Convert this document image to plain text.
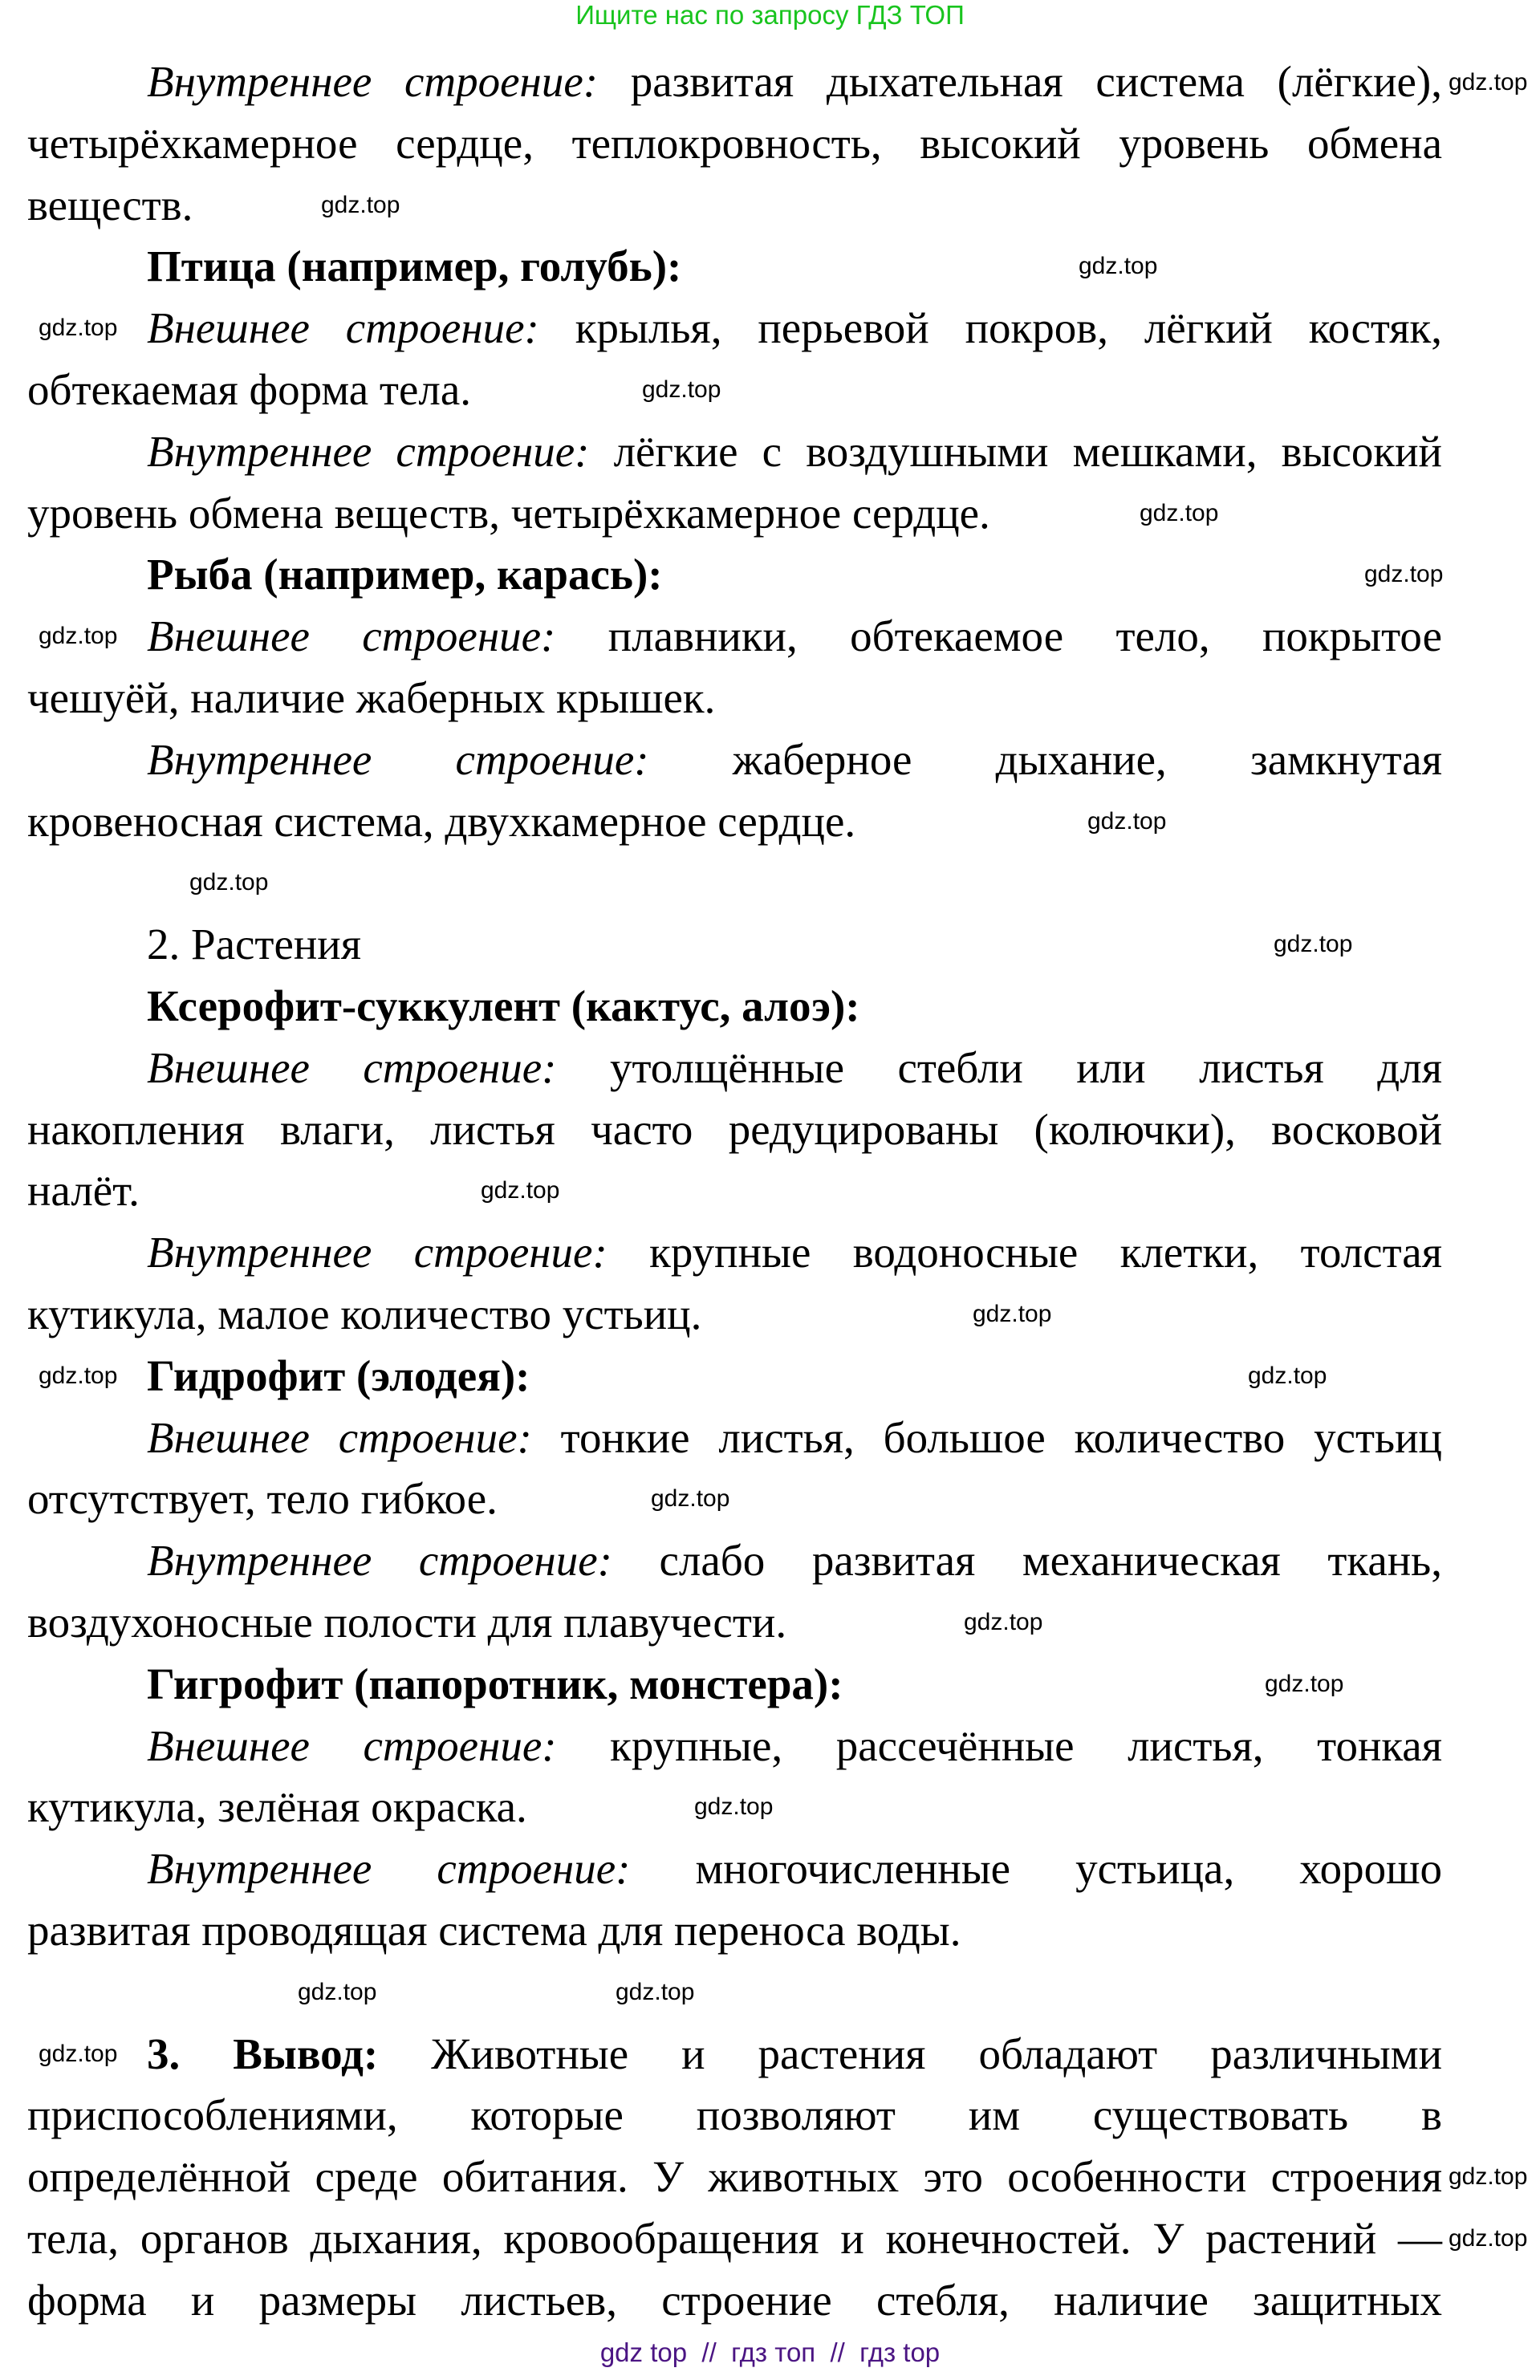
Ищите нас по запросу ГДЗ ТОП
Внутреннее строение: развитая дыхательная система (лёгкие),
четырёхкамерное сердце, теплокровность, высокий уровень обмена
веществ.
Птица (например, голубь):
Внешнее строение: крылья, перьевой покров, лёгкий костяк,
обтекаемая форма тела.
Внутреннее строение: лёгкие с воздушными мешками, высокий
уровень обмена веществ, четырёхкамерное сердце.
Рыба (например, карась):
Внешнее строение: плавники, обтекаемое тело, покрытое
чешуёй, наличие жаберных крышек.
Внутреннее строение: жаберное дыхание, замкнутая
кровеносная система, двухкамерное сердце.

2. Растения
Ксерофит-суккулент (кактус, алоэ):
Внешнее строение: утолщённые стебли или листья для
накопления влаги, листья часто редуцированы (колючки), восковой
налёт.
Внутреннее строение: крупные водоносные клетки, толстая
кутикула, малое количество устьиц.
Гидрофит (элодея):
Внешнее строение: тонкие листья, большое количество устьиц
отсутствует, тело гибкое.
Внутреннее строение: слабо развитая механическая ткань,
воздухоносные полости для плавучести.
Гигрофит (папоротник, монстера):
Внешнее строение: крупные, рассечённые листья, тонкая
кутикула, зелёная окраска.
Внутреннее строение: многочисленные устьица, хорошо
развитая проводящая система для переноса воды.

3. Вывод: Животные и растения обладают различными
приспособлениями, которые позволяют им существовать в
определённой среде обитания. У животных это особенности строения
тела, органов дыхания, кровообращения и конечностей. У растений —
форма и размеры листьев, строение стебля, наличие защитных
gdz.top
gdz.top
gdz.top
gdz.top
gdz.top
gdz.top
gdz.top
gdz.top
gdz.top
gdz.top
gdz.top
gdz.top
gdz.top
gdz.top
gdz.top
gdz.top
gdz.top
gdz.top
gdz.top
gdz.top	gdz.top
gdz.top
gdz.top
gdz.top
gdz top  //  гдз топ  //  гдз top
